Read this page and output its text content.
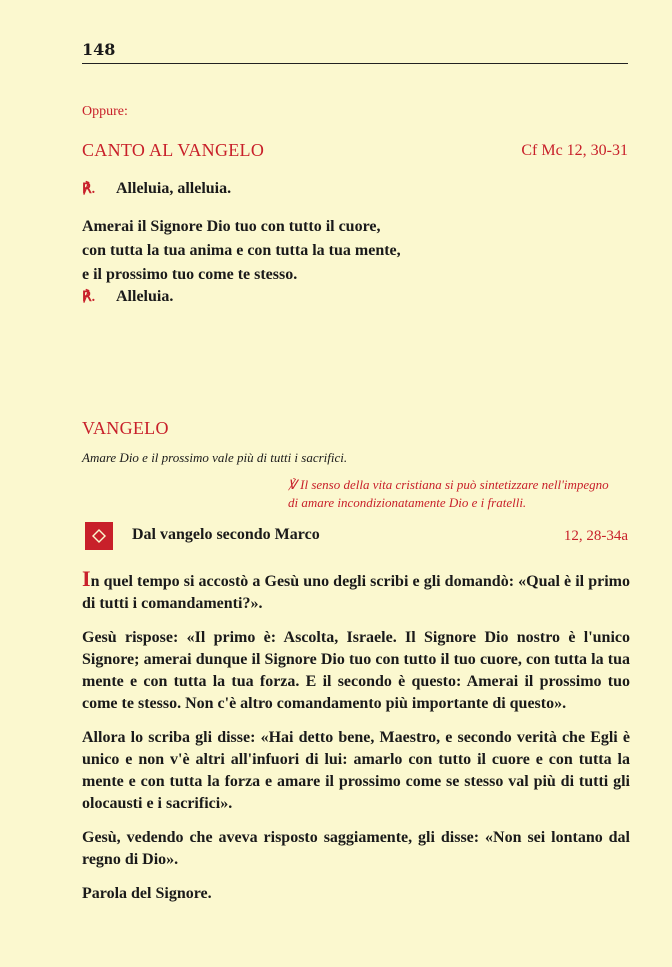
148
Oppure:
CANTO AL VANGELO	Cf Mc 12, 30-31
℟.	Alleluia, alleluia.
Amerai il Signore Dio tuo con tutto il cuore,
con tutta la tua anima e con tutta la tua mente,
e il prossimo tuo come te stesso.
℟.	Alleluia.
VANGELO
Amare Dio e il prossimo vale più di tutti i sacrifici.
℣ Il senso della vita cristiana si può sintetizzare nell'impegno
di amare incondizionatamente Dio e i fratelli.
Dal vangelo secondo Marco	12, 28-34a

In quel tempo si accostò a Gesù uno degli scribi e gli domandò: «Qual è il primo di tutti i comandamenti?».

Gesù rispose: «Il primo è: Ascolta, Israele. Il Signore Dio nostro è l'unico Signore; amerai dunque il Signore Dio tuo con tutto il tuo cuore, con tutta la tua mente e con tutta la tua forza. E il secondo è questo: Amerai il prossimo tuo come te stesso. Non c'è altro comandamento più importante di questo».

Allora lo scriba gli disse: «Hai detto bene, Maestro, e secondo verità che Egli è unico e non v'è altri all'infuori di lui: amarlo con tutto il cuore e con tutta la mente e con tutta la forza e amare il prossimo come se stesso val più di tutti gli olocausti e i sacrifici».

Gesù, vedendo che aveva risposto saggiamente, gli disse: «Non sei lontano dal regno di Dio».

Parola del Signore.
